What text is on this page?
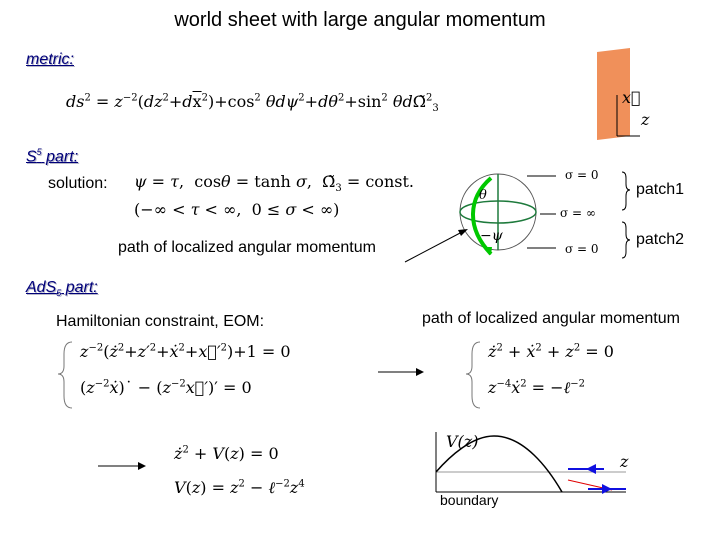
world sheet with large angular momentum
metric:
$ds^2 = z^{-2}(dz^2+d\overline{x}^2)+\cos^2$ $\theta d\psi^2+d\theta^2+\sin^2$ θdΩ̃$^2_3$
x⃗
z
$S^5$ part:
solution: ψ = τ,  cosθ = tanh σ,  $\Omegã_3$ = const.
(−∞ < τ < ∞,  0 ≤ σ < ∞)
path of localized angular momentum
θ
−ψ
σ = 0
σ = ∞
σ = 0
patch1
patch2
AdS$_5$ part:
Hamiltonian constraint, EOM:	path of localized angular momentum
$z^{-2}(ż^2+z'^2+ẋ^2+x⃗'^2)+1 = 0$
$(z^{-2}ẋ)˙$ − $(z^{-2}x⃗')' = 0$
$ż^2$ + ẋ$^2$ + $z^2 = 0$
$z^{-4}ẋ^2$ = −ℓ$^{-2}$
$ż^2 + V(z) = 0$
$V(z) = z^2$ − $\ell^{-2}z^4$
V(z)
z
boundary
